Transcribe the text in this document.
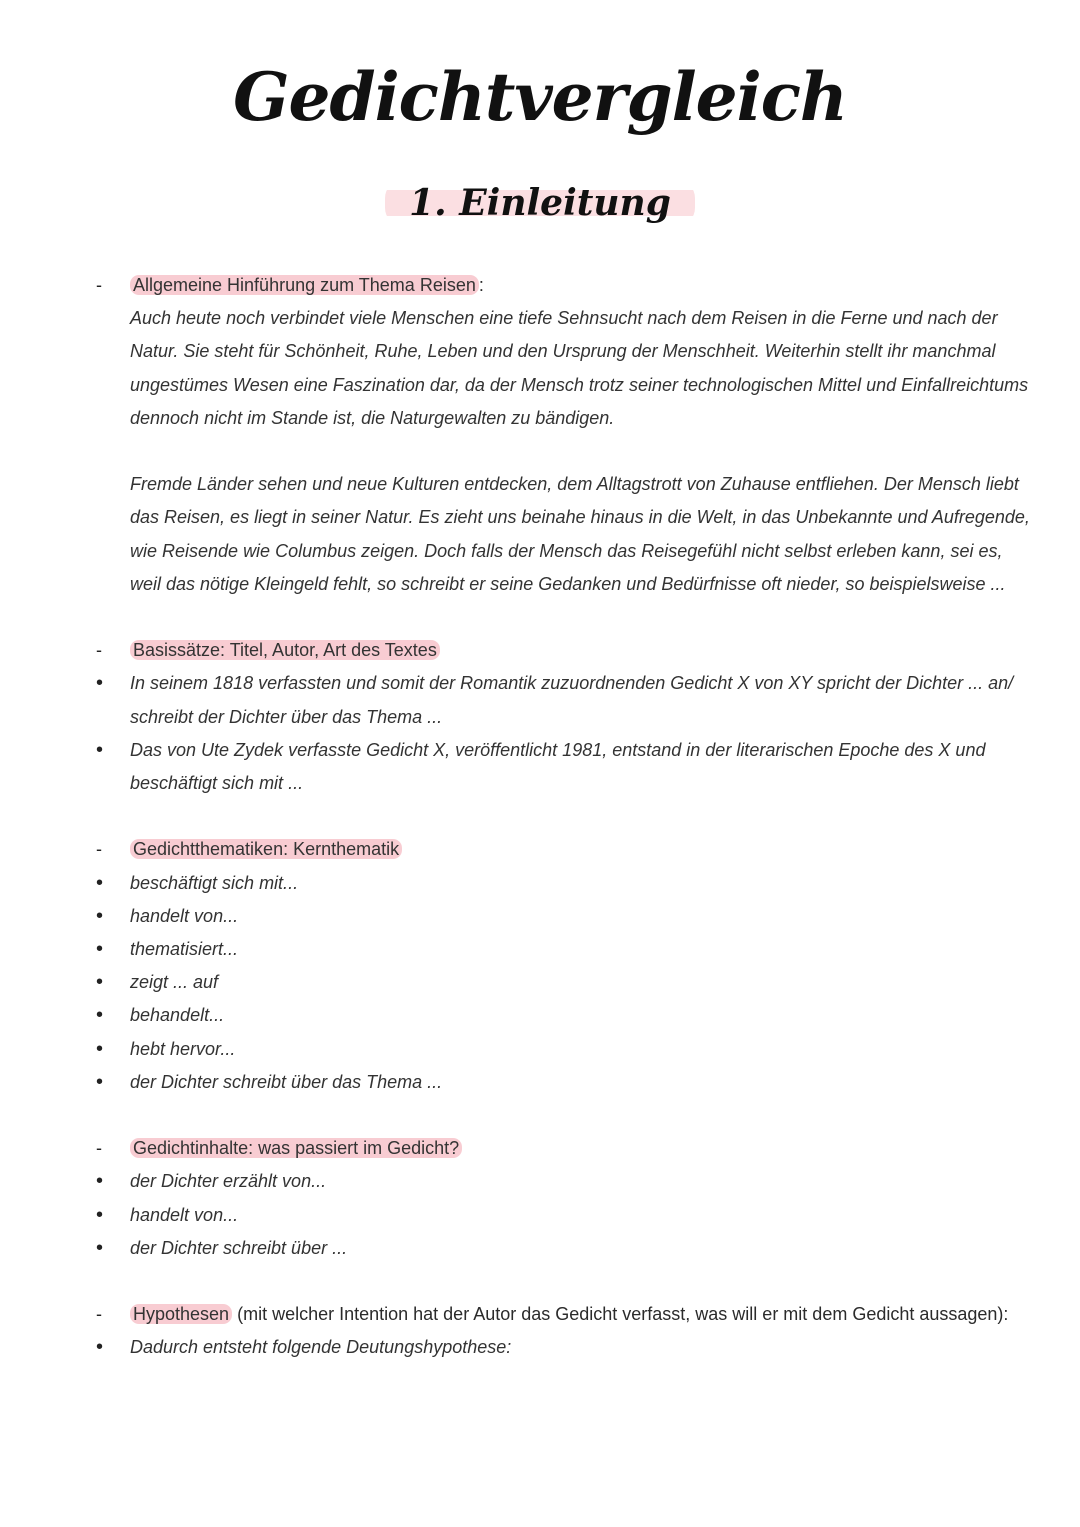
Gedichtvergleich
1. Einleitung
-	Allgemeine Hinführung zum Thema Reisen :
Auch heute noch verbindet viele Menschen eine tiefe Sehnsucht nach dem Reisen in die Ferne und nach der Natur. Sie steht für Schönheit, Ruhe, Leben und den Ursprung der Menschheit. Weiterhin stellt ihr manchmal ungestümes Wesen eine Faszination dar, da der Mensch trotz seiner technologischen Mittel und Einfallreichtums dennoch nicht im Stande ist, die Naturgewalten zu bändigen.
Fremde Länder sehen und neue Kulturen entdecken, dem Alltagstrott von Zuhause entfliehen. Der Mensch liebt das Reisen, es liegt in seiner Natur. Es zieht uns beinahe hinaus in die Welt, in das Unbekannte und Aufregende, wie Reisende wie Columbus zeigen. Doch falls der Mensch das Reisegefühl nicht selbst erleben kann, sei es, weil das nötige Kleingeld fehlt, so schreibt er seine Gedanken und Bedürfnisse oft nieder, so beispielsweise ...
-	Basissätze: Titel, Autor, Art des Textes
•	In seinem 1818 verfassten und somit der Romantik zuzuordnenden Gedicht X von XY spricht der Dichter ... an/ schreibt der Dichter über das Thema ...
•	Das von Ute Zydek verfasste Gedicht X, veröffentlicht 1981, entstand in der literarischen Epoche des X und beschäftigt sich mit ...
-	Gedichtthematiken: Kernthematik
•	beschäftigt sich mit...
•	handelt von...
•	thematisiert...
•	zeigt ... auf
•	behandelt...
•	hebt hervor...
•	der Dichter schreibt über das Thema ...
-	Gedichtinhalte: was passiert im Gedicht?
•	der Dichter erzählt von...
•	handelt von...
•	der Dichter schreibt über ...
-	Hypothesen (mit welcher Intention hat der Autor das Gedicht verfasst, was will er mit dem Gedicht aussagen):
•	Dadurch entsteht folgende Deutungshypothese:
